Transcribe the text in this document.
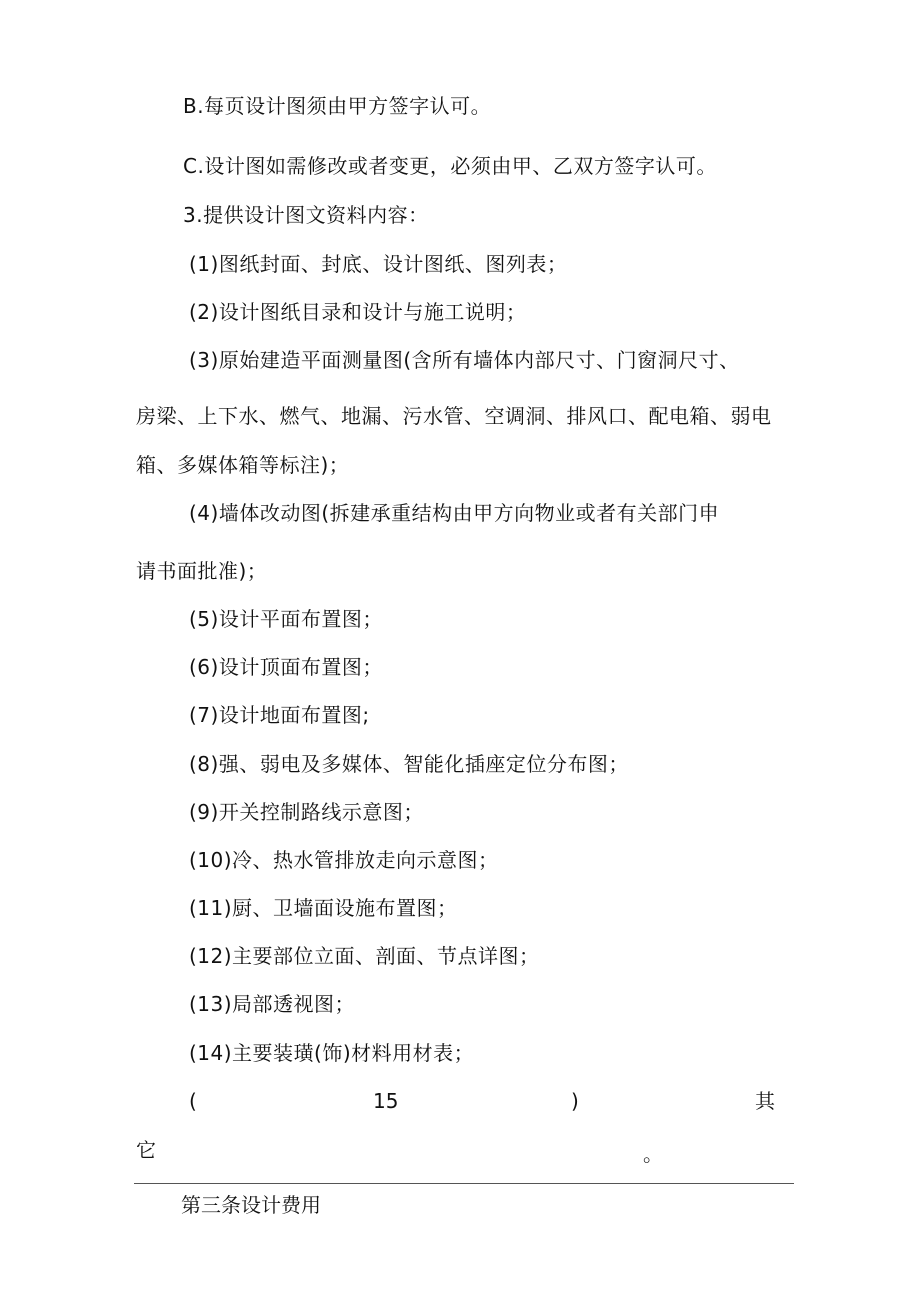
B.每页设计图须由甲方签字认可。
C.设计图如需修改或者变更，必须由甲、乙双方签字认可。
3.提供设计图文资料内容：
(1)图纸封面、封底、设计图纸、图列表；
(2)设计图纸目录和设计与施工说明；
(3)原始建造平面测量图(含所有墙体内部尺寸、门窗洞尺寸、
房梁、上下水、燃气、地漏、污水管、空调洞、排风口、配电箱、弱电
箱、多媒体箱等标注)；
(4)墙体改动图(拆建承重结构由甲方向物业或者有关部门申
请书面批准)；
(5)设计平面布置图；
(6)设计顶面布置图；
(7)设计地面布置图;
(8)强、弱电及多媒体、智能化插座定位分布图；
(9)开关控制路线示意图；
(10)冷、热水管排放走向示意图；
(11)厨、卫墙面设施布置图；
(12)主要部位立面、剖面、节点详图；
(13)局部透视图；
(14)主要装璜(饰)材料用材表；
(	15	)	其
它	。
第三条设计费用
